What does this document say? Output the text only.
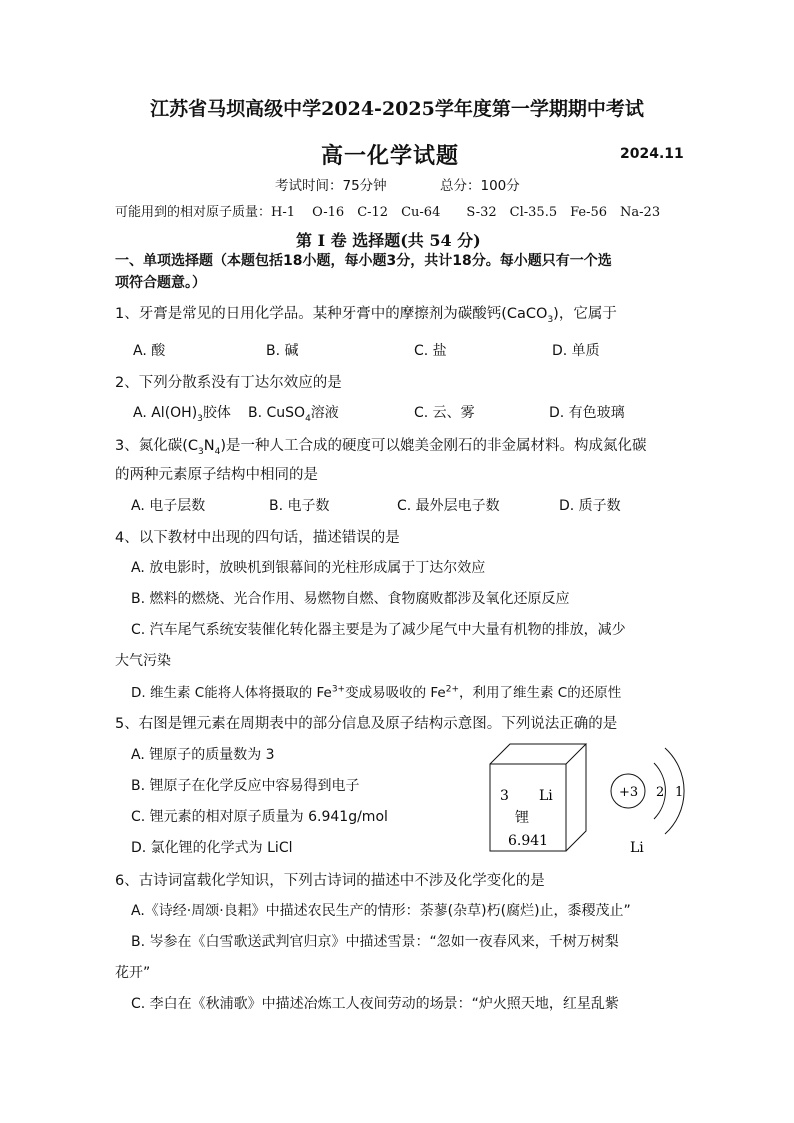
江苏省马坝高级中学2024-2025学年度第一学期期中考试
高一化学试题	2024.11
考试时间：75分钟	总分：100分
可能用到的相对原子质量：H-1　 O-16　C-12　Cu-64　　S-32　Cl-35.5　Fe-56　Na-23
第 Ⅰ 卷 选择题(共 54 分)
一、单项选择题（本题包括18小题，每小题3分，共计18分。每小题只有一个选
项符合题意。）
1、牙膏是常见的日用化学品。某种牙膏中的摩擦剂为碳酸钙(CaCO$_3$)，它属于
A. 酸	B. 碱	C. 盐	D. 单质
2、下列分散系没有丁达尔效应的是
A. $Al(OH)_3$胶体 B. CuSO$_4$溶液	C. 云、雾	D. 有色玻璃
3、氮化碳$(C_3N_4)$是一种人工合成的硬度可以媲美金刚石的非金属材料。构成氮化碳
的两种元素原子结构中相同的是
A. 电子层数	B. 电子数	C. 最外层电子数	D. 质子数
4、以下教材中出现的四句话，描述错误的是
A. 放电影时，放映机到银幕间的光柱形成属于丁达尔效应
B. 燃料的燃烧、光合作用、易燃物自燃、食物腐败都涉及氧化还原反应
C. 汽车尾气系统安装催化转化器主要是为了减少尾气中大量有机物的排放，减少
大气污染
D. 维生素 C能将人体将摄取的 $Fe^{3+}$变成易吸收的 $Fe^{2+}$，利用了维生素 C的还原性
5、右图是锂元素在周期表中的部分信息及原子结构示意图。下列说法正确的是
A. 锂原子的质量数为 3
B. 锂原子在化学反应中容易得到电子
C. 锂元素的相对原子质量为 6.941g/mol
D. 氯化锂的化学式为 LiCl
3 Li
锂
6.941
+3 2 1
Li
6、古诗词富载化学知识，下列古诗词的描述中不涉及化学变化的是
A.《诗经·周颂·良耜》中描述农民生产的情形：荼蓼(杂草)朽(腐烂)止，黍稷茂止”
B. 岑参在《白雪歌送武判官归京》中描述雪景：“忽如一夜春风来，千树万树梨
花开”
C. 李白在《秋浦歌》中描述冶炼工人夜间劳动的场景：“炉火照天地，红星乱紫
